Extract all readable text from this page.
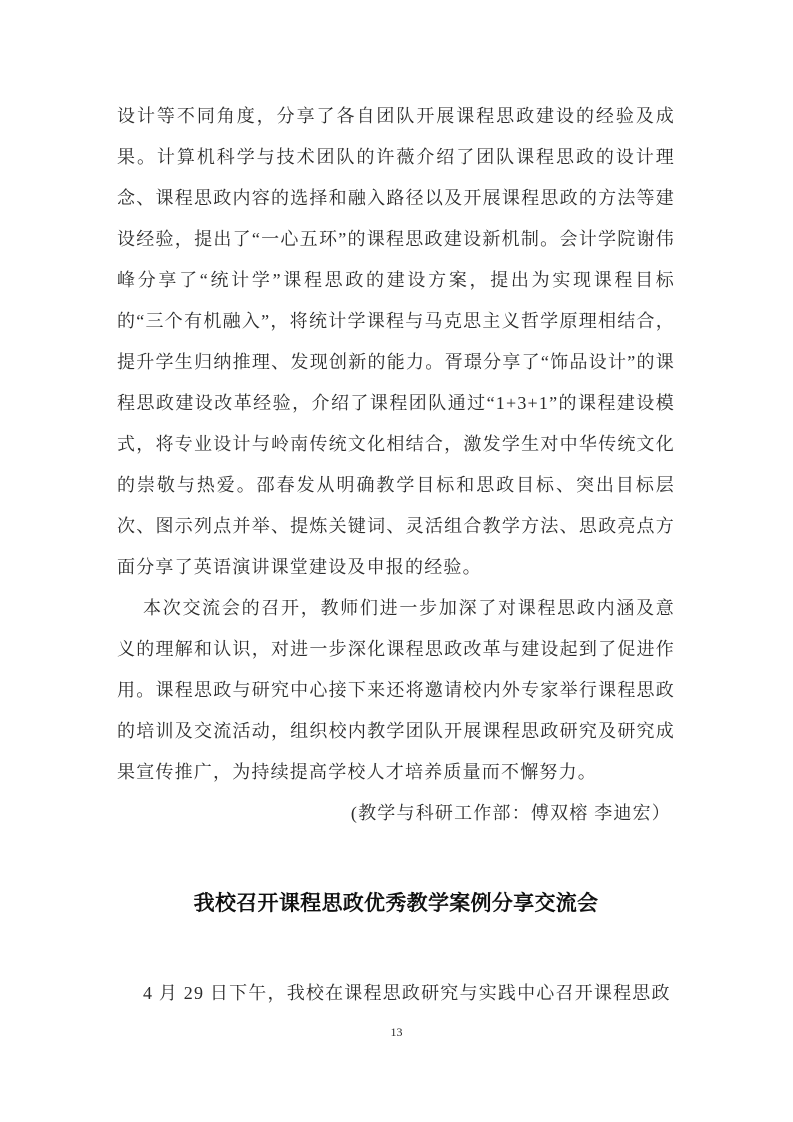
设计等不同角度，分享了各自团队开展课程思政建设的经验及成果。计算机科学与技术团队的许薇介绍了团队课程思政的设计理念、课程思政内容的选择和融入路径以及开展课程思政的方法等建设经验，提出了“一心五环”的课程思政建设新机制。会计学院谢伟峰分享了“统计学”课程思政的建设方案，提出为实现课程目标的“三个有机融入”，将统计学课程与马克思主义哲学原理相结合，提升学生归纳推理、发现创新的能力。胥璟分享了“饰品设计”的课程思政建设改革经验，介绍了课程团队通过“1+3+1”的课程建设模式，将专业设计与岭南传统文化相结合，激发学生对中华传统文化的崇敬与热爱。邵春发从明确教学目标和思政目标、突出目标层次、图示列点并举、提炼关键词、灵活组合教学方法、思政亮点方面分享了英语演讲课堂建设及申报的经验。

本次交流会的召开，教师们进一步加深了对课程思政内涵及意义的理解和认识，对进一步深化课程思政改革与建设起到了促进作用。课程思政与研究中心接下来还将邀请校内外专家举行课程思政的培训及交流活动，组织校内教学团队开展课程思政研究及研究成果宣传推广，为持续提高学校人才培养质量而不懈努力。

(教学与科研工作部：傅双榕 李迪宏）

我校召开课程思政优秀教学案例分享交流会

4 月 29 日下午，我校在课程思政研究与实践中心召开课程思政

13
